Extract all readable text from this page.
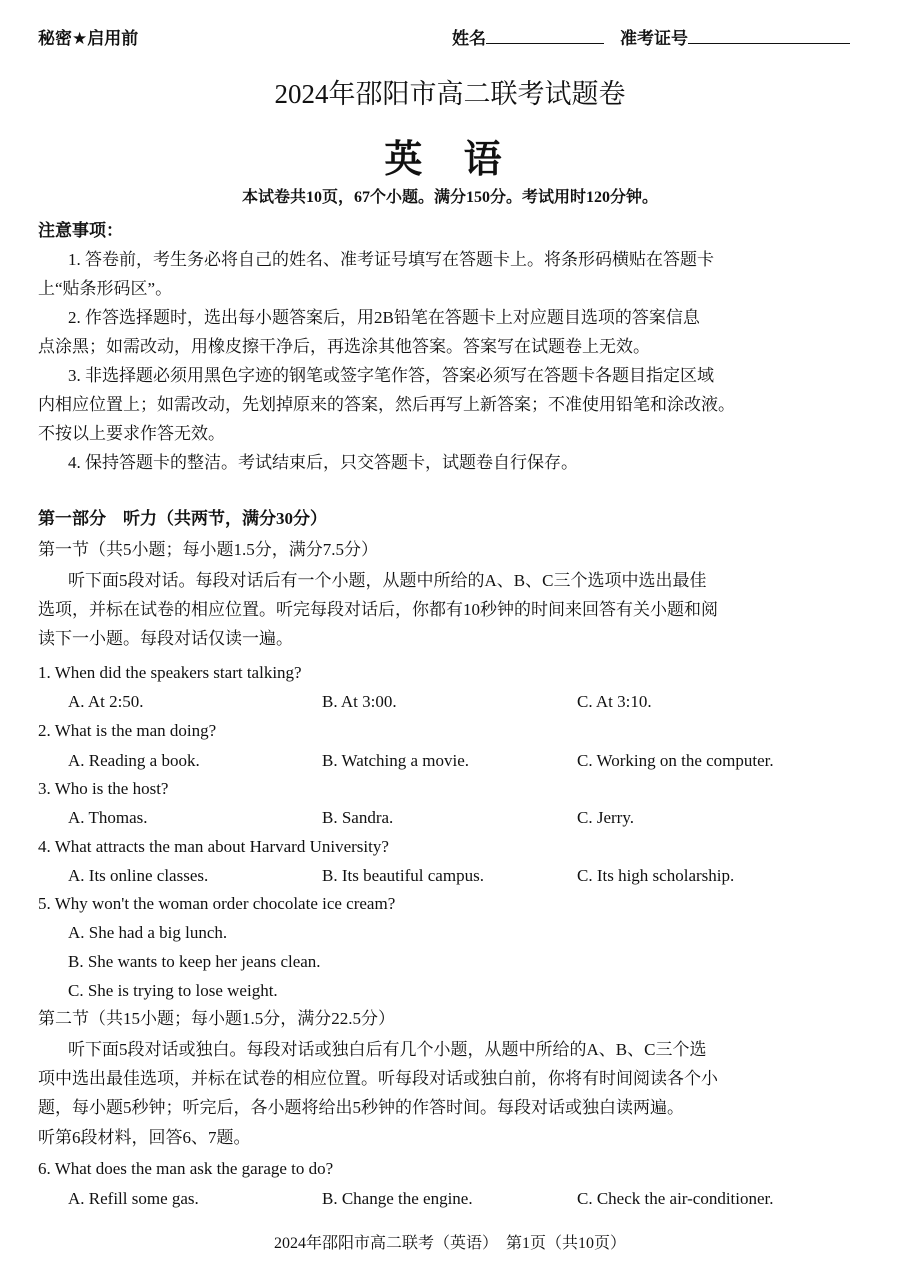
秘密★启用前	姓名	准考证号
2024年邵阳市高二联考试题卷
英 语
本试卷共10页，67个小题。满分150分。考试用时120分钟。
注意事项：
1. 答卷前，考生务必将自己的姓名、准考证号填写在答题卡上。将条形码横贴在答题卡
上“贴条形码区”。
2. 作答选择题时，选出每小题答案后，用2B铅笔在答题卡上对应题目选项的答案信息
点涂黑；如需改动，用橡皮擦干净后，再选涂其他答案。答案写在试题卷上无效。
3. 非选择题必须用黑色字迹的钢笔或签字笔作答，答案必须写在答题卡各题目指定区域
内相应位置上；如需改动，先划掉原来的答案，然后再写上新答案；不准使用铅笔和涂改液。
不按以上要求作答无效。
4. 保持答题卡的整洁。考试结束后，只交答题卡，试题卷自行保存。
第一部分　听力（共两节，满分30分）
第一节（共5小题；每小题1.5分，满分7.5分）
听下面5段对话。每段对话后有一个小题，从题中所给的A、B、C三个选项中选出最佳
选项，并标在试卷的相应位置。听完每段对话后，你都有10秒钟的时间来回答有关小题和阅
读下一小题。每段对话仅读一遍。
1. When did the speakers start talking?
A. At 2:50.	B. At 3:00.	C. At 3:10.
2. What is the man doing?
A. Reading a book.	B. Watching a movie.	C. Working on the computer.
3. Who is the host?
A. Thomas.	B. Sandra.	C. Jerry.
4. What attracts the man about Harvard University?
A. Its online classes.	B. Its beautiful campus.	C. Its high scholarship.
5. Why won't the woman order chocolate ice cream?
A. She had a big lunch.
B. She wants to keep her jeans clean.
C. She is trying to lose weight.
第二节（共15小题；每小题1.5分，满分22.5分）
听下面5段对话或独白。每段对话或独白后有几个小题，从题中所给的A、B、C三个选
项中选出最佳选项，并标在试卷的相应位置。听每段对话或独白前，你将有时间阅读各个小
题，每小题5秒钟；听完后，各小题将给出5秒钟的作答时间。每段对话或独白读两遍。
听第6段材料，回答6、7题。
6. What does the man ask the garage to do?
A. Refill some gas.	B. Change the engine.	C. Check the air-conditioner.
2024年邵阳市高二联考（英语）　第1页（共10页）
